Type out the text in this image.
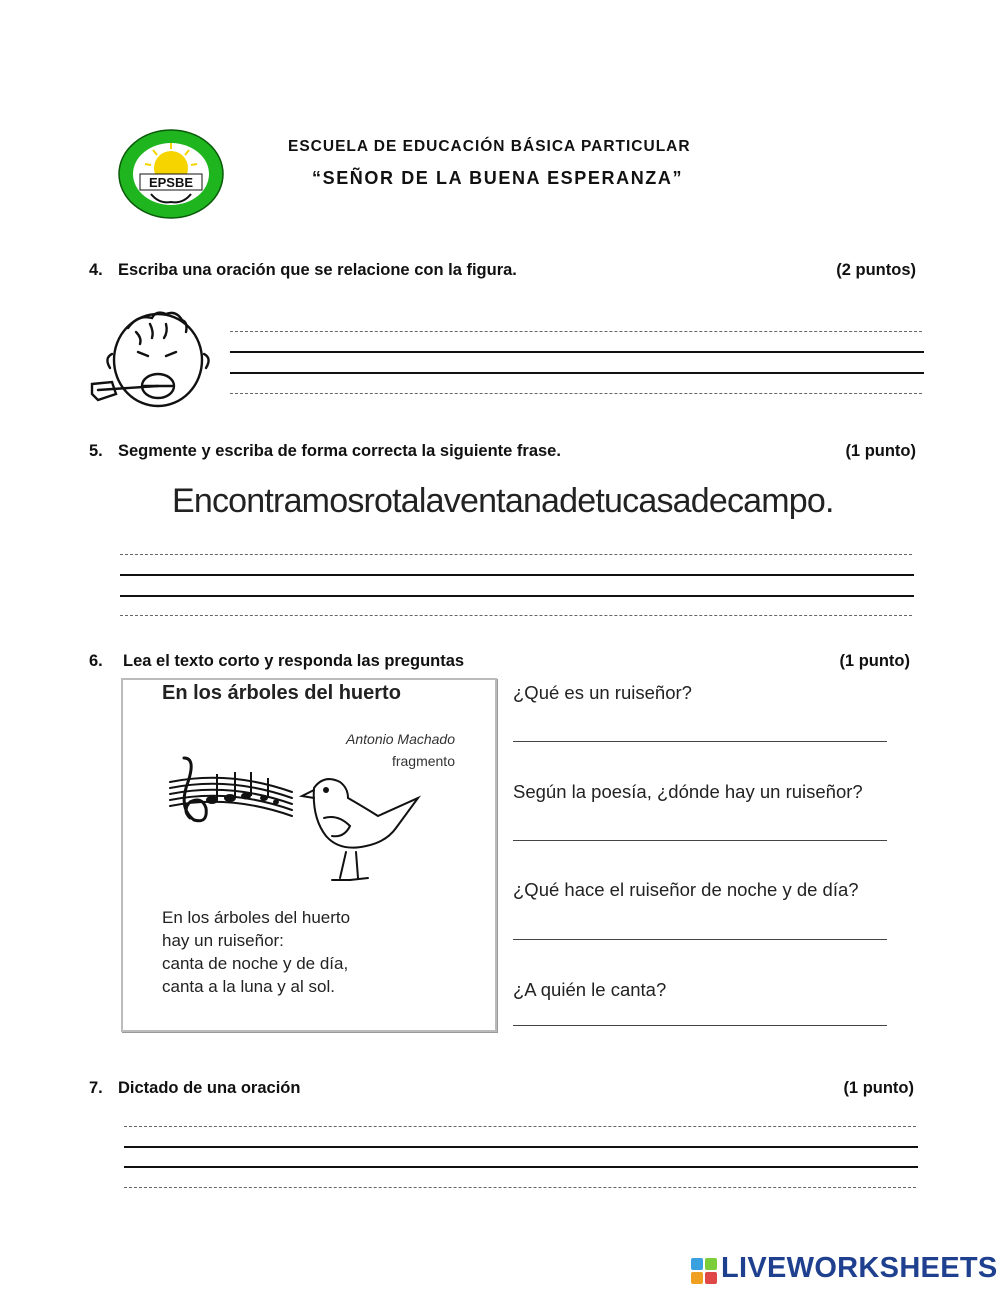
EPSBE
ESCUELA DE EDUCACIÓN BÁSICA PARTICULAR
“SEÑOR DE LA BUENA ESPERANZA”
4. Escriba una oración que se relacione con la figura.	(2 puntos)
5. Segmente y escriba de forma correcta la siguiente frase.	(1 punto)
Encontramosrotalaventanadetucasadecampo.
6. Lea el texto corto y responda las preguntas	(1 punto)
En los árboles del huerto
Antonio Machado
fragmento
En los árboles del huerto
hay un ruiseñor:
canta de noche y de día,
canta a la luna y al sol.
¿Qué es un ruiseñor?
Según la poesía, ¿dónde hay un ruiseñor?
¿Qué hace el ruiseñor de noche y de día?
¿A quién le canta?
7. Dictado de una oración	(1 punto)
LIVEWORKSHEETS
